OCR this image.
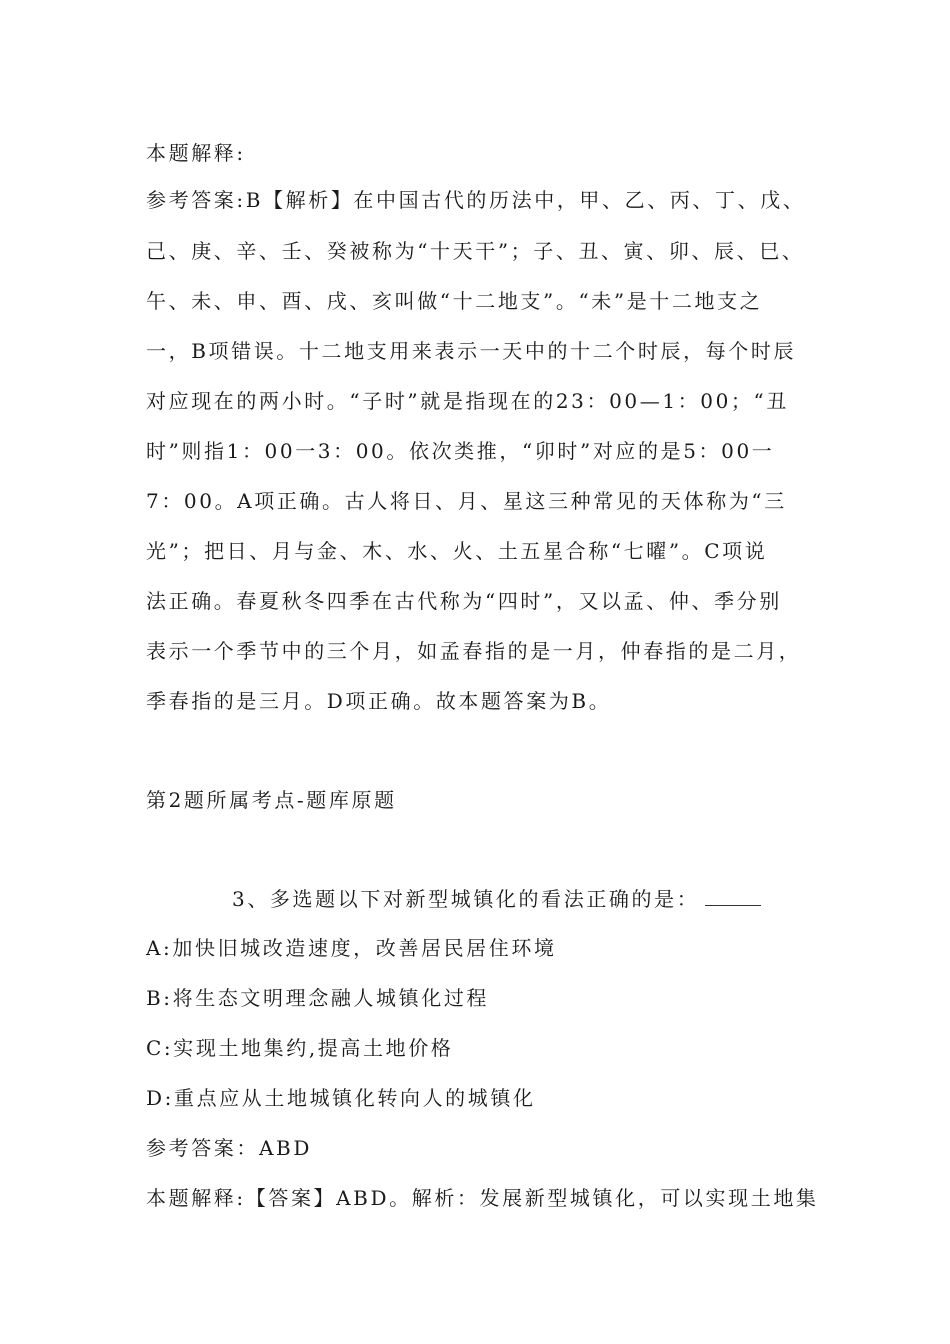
本题解释:
参考答案:B【解析】在中国古代的历法中，甲、乙、丙、丁、戊、
己、庚、辛、壬、癸被称为“十天干”；子、丑、寅、卯、辰、巳、
午、未、申、酉、戌、亥叫做“十二地支”。“未”是十二地支之
一，B项错误。十二地支用来表示一天中的十二个时辰，每个时辰
对应现在的两小时。“子时”就是指现在的23：00—1：00；“丑
时”则指1：00一3：00。依次类推，“卯时”对应的是5：00一
7：00。A项正确。古人将日、月、星这三种常见的天体称为“三
光”；把日、月与金、木、水、火、土五星合称“七曜”。C项说
法正确。春夏秋冬四季在古代称为“四时”，又以孟、仲、季分别
表示一个季节中的三个月，如孟春指的是一月，仲春指的是二月，
季春指的是三月。D项正确。故本题答案为B。
第2题所属考点-题库原题
3、多选题以下对新型城镇化的看法正确的是：
A:加快旧城改造速度，改善居民居住环境
B:将生态文明理念融人城镇化过程
C:实现土地集约,提高土地价格
D:重点应从土地城镇化转向人的城镇化
参考答案：ABD
本题解释:【答案】ABD。解析：发展新型城镇化，可以实现土地集
